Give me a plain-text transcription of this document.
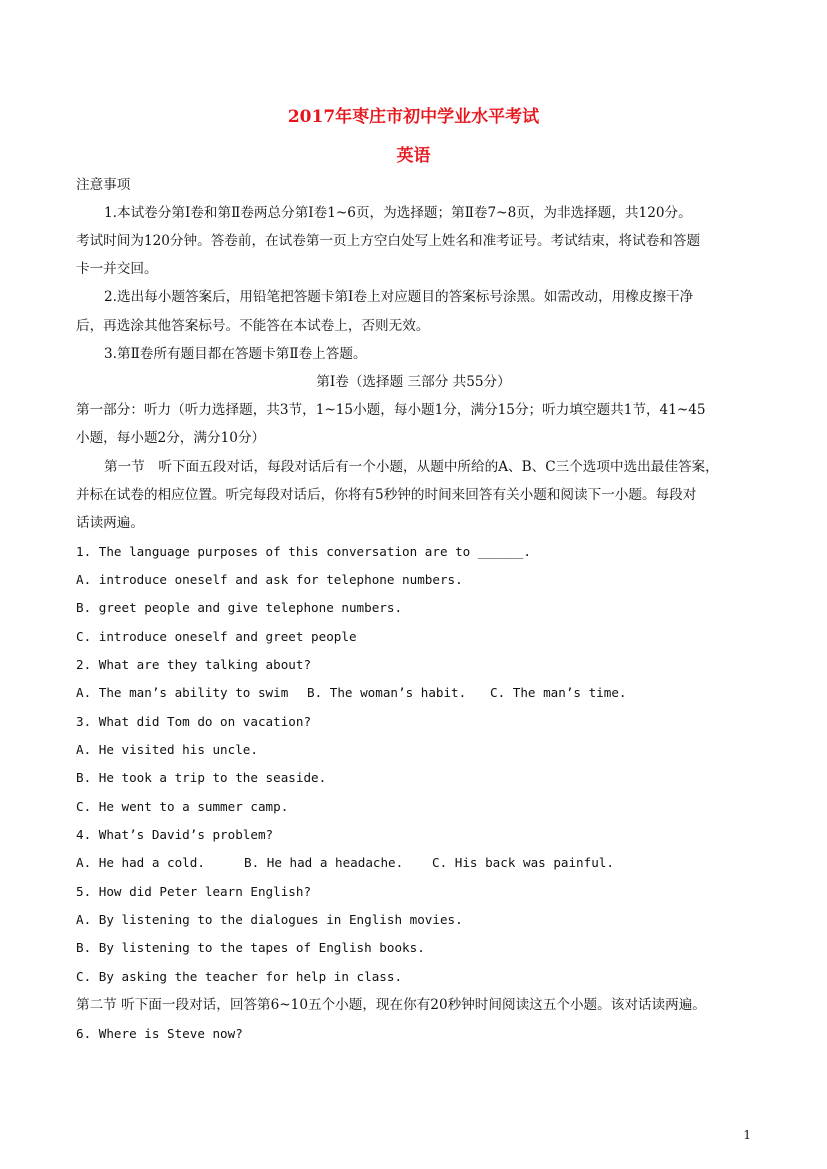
2017年枣庄市初中学业水平考试
英语
注意事项
1.本试卷分第Ⅰ卷和第Ⅱ卷两总分第Ⅰ卷1~6页，为选择题；第Ⅱ卷7~8页，为非选择题，共120分。
考试时间为120分钟。答卷前，在试卷第一页上方空白处写上姓名和准考证号。考试结束，将试卷和答题
卡一并交回。
2.选出每小题答案后，用铅笔把答题卡第Ⅰ卷上对应题目的答案标号涂黑。如需改动，用橡皮擦干净
后，再选涂其他答案标号。不能答在本试卷上，否则无效。
3.第Ⅱ卷所有题目都在答题卡第Ⅱ卷上答题。
第Ⅰ卷（选择题 三部分 共55分）
第一部分：听力（听力选择题，共3节，1~15小题，每小题1分，满分15分；听力填空题共1节，41~45
小题，每小题2分，满分10分）
第一节　听下面五段对话，每段对话后有一个小题，从题中所给的A、B、C三个选项中选出最佳答案，
并标在试卷的相应位置。听完每段对话后，你将有5秒钟的时间来回答有关小题和阅读下一小题。每段对
话读两遍。
1. The language purposes of this conversation are to ______.
A. introduce oneself and ask for telephone numbers.
B. greet people and give telephone numbers.
C. introduce oneself and greet people
2. What are they talking about?
A. The man’s ability to swim B. The woman’s habit. C. The man’s time.
3. What did Tom do on vacation?
A. He visited his uncle.
B. He took a trip to the seaside.
C. He went to a summer camp.
4. What’s David’s problem?
A. He had a cold.	B. He had a headache. C. His back was painful.
5. How did Peter learn English?
A. By listening to the dialogues in English movies.
B. By listening to the tapes of English books.
C. By asking the teacher for help in class.
第二节 听下面一段对话，回答第6~10五个小题，现在你有20秒钟时间阅读这五个小题。该对话读两遍。
6. Where is Steve now?
1
